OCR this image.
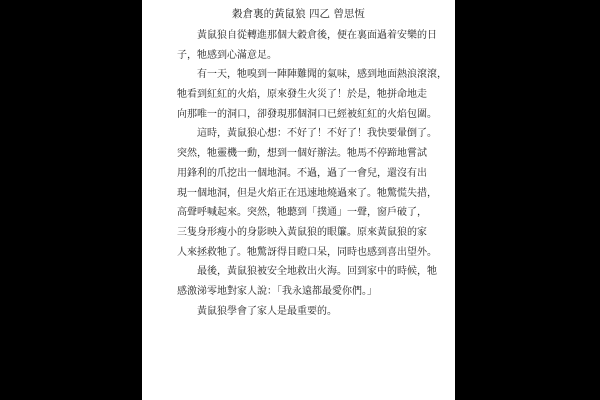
穀倉裏的黃鼠狼 四乙 曾思恆
黃鼠狼自從轉進那個大穀倉後，便在裏面過着安樂的日
子，牠感到心滿意足。
有一天，牠嗅到一陣陣難聞的氣味，感到地面熱浪滾滾，
牠看到紅紅的火焰，原來發生火災了！於是，牠拼命地走
向那唯一的洞口，卻發現那個洞口已經被紅紅的火焰包圍。
這時，黃鼠狼心想：不好了！不好了！我快要暈倒了。
突然，牠靈機一動，想到一個好辦法。牠馬不停蹄地嘗試
用鋒利的爪挖出一個地洞。不過，過了一會兒，還沒有出
現一個地洞，但是火焰正在迅速地燒過來了。牠驚慌失措，
高聲呼喊起來。突然，牠聽到「撲通」一聲，窗戶破了，
三隻身形瘦小的身影映入黃鼠狼的眼簾。原來黃鼠狼的家
人來拯救牠了。牠驚訝得目瞪口呆，同時也感到喜出望外。
最後，黃鼠狼被安全地救出火海。回到家中的時候，牠
感激涕零地對家人說：「我永遠都最愛你們。」
黃鼠狼學會了家人是最重要的。
